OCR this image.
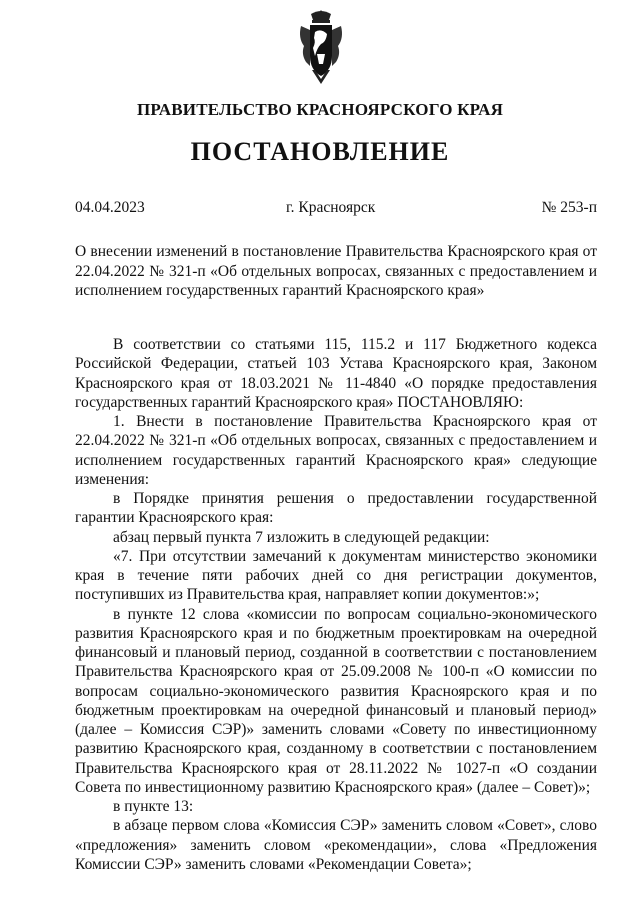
ПРАВИТЕЛЬСТВО КРАСНОЯРСКОГО КРАЯ
ПОСТАНОВЛЕНИЕ
04.04.2023	г. Красноярск	№ 253-п
О внесении изменений в постановление Правительства Красноярского края от 22.04.2022 № 321-п «Об отдельных вопросах, связанных с предоставлением и исполнением государственных гарантий Красноярского края»

В соответствии со статьями 115, 115.2 и 117 Бюджетного кодекса Российской Федерации, статьей 103 Устава Красноярского края, Законом Красноярского края от 18.03.2021 № 11-4840 «О порядке предоставления государственных гарантий Красноярского края» ПОСТАНОВЛЯЮ:

1. Внести в постановление Правительства Красноярского края от 22.04.2022 № 321-п «Об отдельных вопросах, связанных с предоставлением и исполнением государственных гарантий Красноярского края» следующие изменения:

в Порядке принятия решения о предоставлении государственной гарантии Красноярского края:

абзац первый пункта 7 изложить в следующей редакции:

«7. При отсутствии замечаний к документам министерство экономики края в течение пяти рабочих дней со дня регистрации документов, поступивших из Правительства края, направляет копии документов:»;

в пункте 12 слова «комиссии по вопросам социально-экономического развития Красноярского края и по бюджетным проектировкам на очередной финансовый и плановый период, созданной в соответствии с постановлением Правительства Красноярского края от 25.09.2008 № 100-п «О комиссии по вопросам социально-экономического развития Красноярского края и по бюджетным проектировкам на очередной финансовый и плановый период» (далее – Комиссия СЭР)» заменить словами «Совету по инвестиционному развитию Красноярского края, созданному в соответствии с постановлением Правительства Красноярского края от 28.11.2022 № 1027-п «О создании Совета по инвестиционному развитию Красноярского края» (далее – Совет)»;

в пункте 13:

в абзаце первом слова «Комиссия СЭР» заменить словом «Совет», слово «предложения» заменить словом «рекомендации», слова «Предложения Комиссии СЭР» заменить словами «Рекомендации Совета»;
